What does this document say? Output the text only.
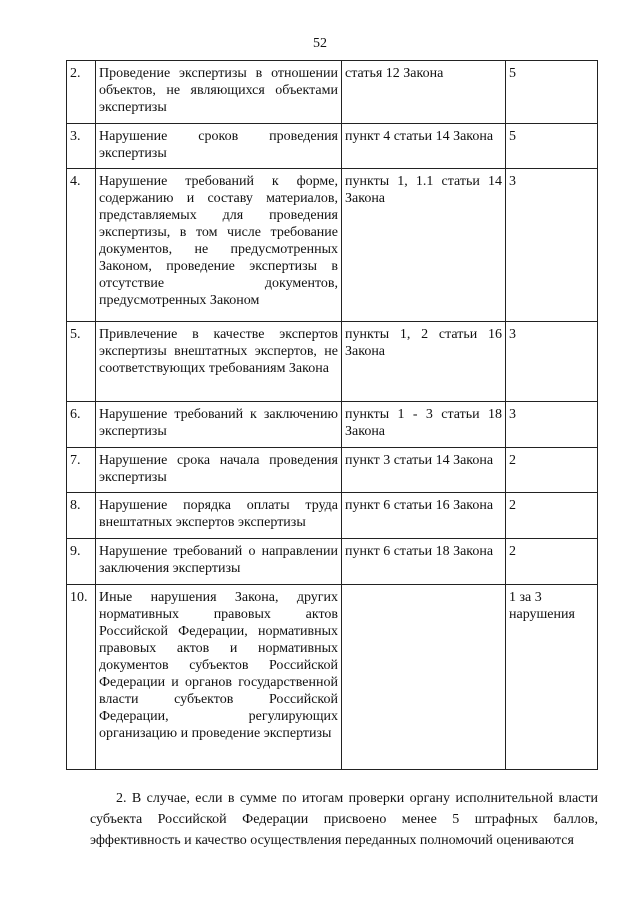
52
2.	Проведение экспертизы в отношении объектов, не являющихся объектами экспертизы	статья 12 Закона	5
3.	Нарушение сроков проведения экспертизы	пункт 4 статьи 14 Закона	5
4.	Нарушение требований к форме, содержанию и составу материалов, представляемых для проведения экспертизы, в том числе требование документов, не предусмотренных Законом, проведение экспертизы в отсутствие документов, предусмотренных Законом	пункты 1, 1.1 статьи 14 Закона	3
5.	Привлечение в качестве экспертов экспертизы внештатных экспертов, не соответствующих требованиям Закона	пункты 1, 2 статьи 16 Закона	3
6.	Нарушение требований к заключению экспертизы	пункты 1 - 3 статьи 18 Закона	3
7.	Нарушение срока начала проведения экспертизы	пункт 3 статьи 14 Закона	2
8.	Нарушение порядка оплаты труда внештатных экспертов экспертизы	пункт 6 статьи 16 Закона	2
9.	Нарушение требований о направлении заключения экспертизы	пункт 6 статьи 18 Закона	2
10.	Иные нарушения Закона, других нормативных правовых актов Российской Федерации, нормативных правовых актов и нормативных документов субъектов Российской Федерации и органов государственной власти субъектов Российской Федерации, регулирующих организацию и проведение экспертизы		1 за 3 нарушения

2. В случае, если в сумме по итогам проверки органу исполнительной власти субъекта Российской Федерации присвоено менее 5 штрафных баллов, эффективность и качество осуществления переданных полномочий оцениваются
